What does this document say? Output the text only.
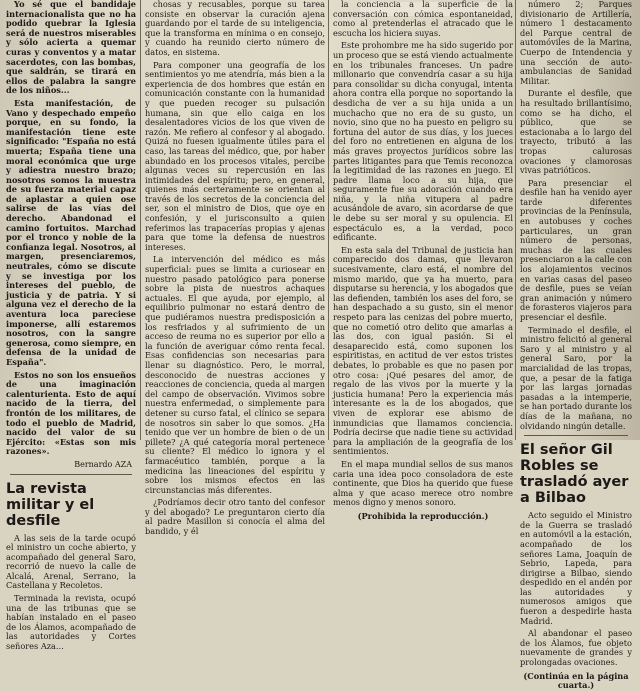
Yo sé que el bandidaje internacionalista que no ha podido quebrar la Iglesia será de nuestros miserables y sólo acierta a quemar curas y conventos y a matar sacerdotes, con las bombas, que saldrán, se tirará en ellos de palabra la sangre de los niños...

Esta manifestación, de Vano y despechado empeño porque, en su fondo, la manifestación tiene este significado: "España no está muerta; España tiene una moral económica que urge y adiestra nuestro brazo; nosotros somos la muestra de su fuerza material capaz de aplastar a quien ose salirse de las vías del derecho. Abandonad el camino fortuitos. Marchad por el tronco y noble de la confianza legal. Nosotros, al margen, presenciaremos, neutrales, cómo se discute y se investiga por los intereses del pueblo, de justicia y de patria. Y si alguna vez el derecho de la aventura loca pareciese imponerse, allí estaremos nosotros, con la sangre generosa, como siempre, en defensa de la unidad de España".

Estos no son los ensueños de una imaginación calenturienta. Esto de aquí nacido de la tierra, del frontón de los militares, de todo el pueblo de Madrid, nacido del valor de su Ejército: «Estas son mis razones».

Bernardo AZA

La revista militar y el desfile

A las seis de la tarde ocupó el ministro un coche abierto, y acompañado del general Saro, recorrió de nuevo la calle de Alcalá, Arenal, Serrano, la Castellana y Recoletos.

Terminada la revista, ocupó una de las tribunas que se habían instalado en el paseo de los Álamos, acompañado de las autoridades y Cortes señores Aza...

chosas y recusables, porque su tarea consiste en observar la curación ajena guardando por el tarde de su inteligencia, que la transforma en mínima o en consejo, y cuando ha reunido cierto número de datos, en sistema.

Para componer una geografía de los sentimientos yo me atendría, más bien a la experiencia de dos hombres que están en comunicación constante con la humanidad y que pueden recoger su pulsación humana, sin que ello caiga en los desalentadores vicios de los que viven de razón. Me refiero al confesor y al abogado. Quizá no fuesen igualmente útiles para el caso, las tareas del médico, que, por haber abundado en los procesos vitales, percibe algunas veces su repercusión en las intimidades del espíritu; pero, en general, quienes más certeramente se orientan al través de los secretos de la conciencia del ser, son el ministro de Dios, que oye en confesión, y el jurisconsulto a quien referimos las trapacerías propias y ajenas para que tome la defensa de nuestros intereses.

La intervención del médico es más superficial: pues se limita a curiosear en nuestro pasado patológico para ponerse sobre la pista de nuestros achaques actuales. El que ayuda, por ejemplo, al equilibrio pulmonar no estará dentro de que pudiéramos nuestra predisposición a los resfriados y al sufrimiento de un acceso de reuma no es superior por ello a la función de averiguar cómo renta fecal. Esas confidencias son necesarias para llenar su diagnóstico. Pero, le morral, desconocido de nuestras acciones y reacciones de conciencia, queda al margen del campo de observación. Vivimos sobre nuestra enfermedad, o simplemente para detener su curso fatal, el clínico se separa de nosotros sin saber lo que somos. ¿Ha tenido que ver un hombre de bien o de un pillete? ¿A qué categoría moral pertenece su cliente? El médico lo ignora y el farmacéutico también, porque a la medicina las lineaciones del espíritu y sobre los mismos efectos en las circunstancias más diferentes.

¿Podríamos decir otro tanto del confesor y del abogado? Le preguntaron cierto día al padre Masillon si conocía el alma del bandido, y él

la conciencia a la superficie de la conversación con cómica espontaneidad, como al pretenderlas el atracado que le escucha los hiciera suyas.

Este prohombre me ha sido sugerido por un proceso que se está viendo actualmente en los tribunales franceses. Un padre millonario que convendría casar a su hija para consolidar su dicha conyugal, intenta ahora contra ella porque no soportando la desdicha de ver a su hija unida a un muchacho que no era de su gusto, un novio, sino que no ha puesto en peligro su fortuna del autor de sus días, y los jueces del foro no entretienen en alguna de los más graves proyectos jurídicos sobre las partes litigantes para que Temis reconozca la legitimidad de las razones en juego. El padre llama loco a su hija, que seguramente fue su adoración cuando era niña, y la niña vitupera al padre acusándole de avaro, sin acordarse de que le debe su ser moral y su opulencia. El espectáculo es, a la verdad, poco edificante.

En esta sala del Tribunal de justicia han comparecido dos damas, que llevaron sucesivamente, claro está, el nombre del mismo marido, que ya ha muerto, para disputarse su herencia, y los abogados que las defienden, también los ases del foro, se han despachado a su gusto, sin el menor respeto para las cenizas del pobre muerto, que no cometió otro delito que amarlas a las dos, con igual pasión. Si el desaparecido está, como suponen los espiritistas, en actitud de ver estos tristes debates, lo probable es que no pasen por otro cosa: ¡Qué pesares del amor, de regalo de las vivos por la muerte y la justicia humana! Pero la experiencia más interesante es la de los abogados, que viven de explorar ese abismo de inmundicias que llamamos conciencia. Podría decirse que nadie tiene su actividad para la ampliación de la geografía de los sentimientos.

En el mapa mundial sellos de sus manos caria una idea poco consoladora de este continente, que Dios ha querido que fuese alma y que acaso merece otro nombre menos digno y menos sonoro.

(Prohibida la reproducción.)

número 2; Parques divisionario de Artillería, número 1 destacamento del Parque central de automóviles de la Marina, Cuerpo de Intendencia y una sección de auto-ambulancias de Sanidad Militar.

Durante el desfile, que ha resultado brillantísimo, como se ha dicho, el público, que se estacionaba a lo largo del trayecto, tributó a las tropas calurosas ovaciones y clamorosas vivas patrióticos.

Para presenciar el desfile han ha venido ayer tarde diferentes provincias de la Península, en autobuses y coches particulares, un gran número de personas, muchas de las cuales presenciaron a la calle con los alojamientos vecinos en varias casas del paseo de desfile, pues se veían gran animación y número de forasteros viajeros para presenciar el desfile.

Terminado el desfile, el ministro felicitó al general Saro y al ministro y al general Saro, por la marcialidad de las tropas, que, a pesar de la fatiga por las largas jornadas pasadas a la intemperie, se han portado durante los días de la mañana, no olvidando ningún detalle.

El señor Gil Robles se trasladó ayer a Bilbao

Acto seguido el Ministro de la Guerra se trasladó en automóvil a la estación, acompañado de los señores Lama, Joaquín de Sebrio, Lapeda, para dirigirse a Bilbao, siendo despedido en el andén por las autoridades y numerosos amigos que fueron a despedirle hasta Madrid.

Al abandonar el paseo de los Álamos, fue objeto nuevamente de grandes y prolongadas ovaciones.

(Continúa en la página cuarta.)
